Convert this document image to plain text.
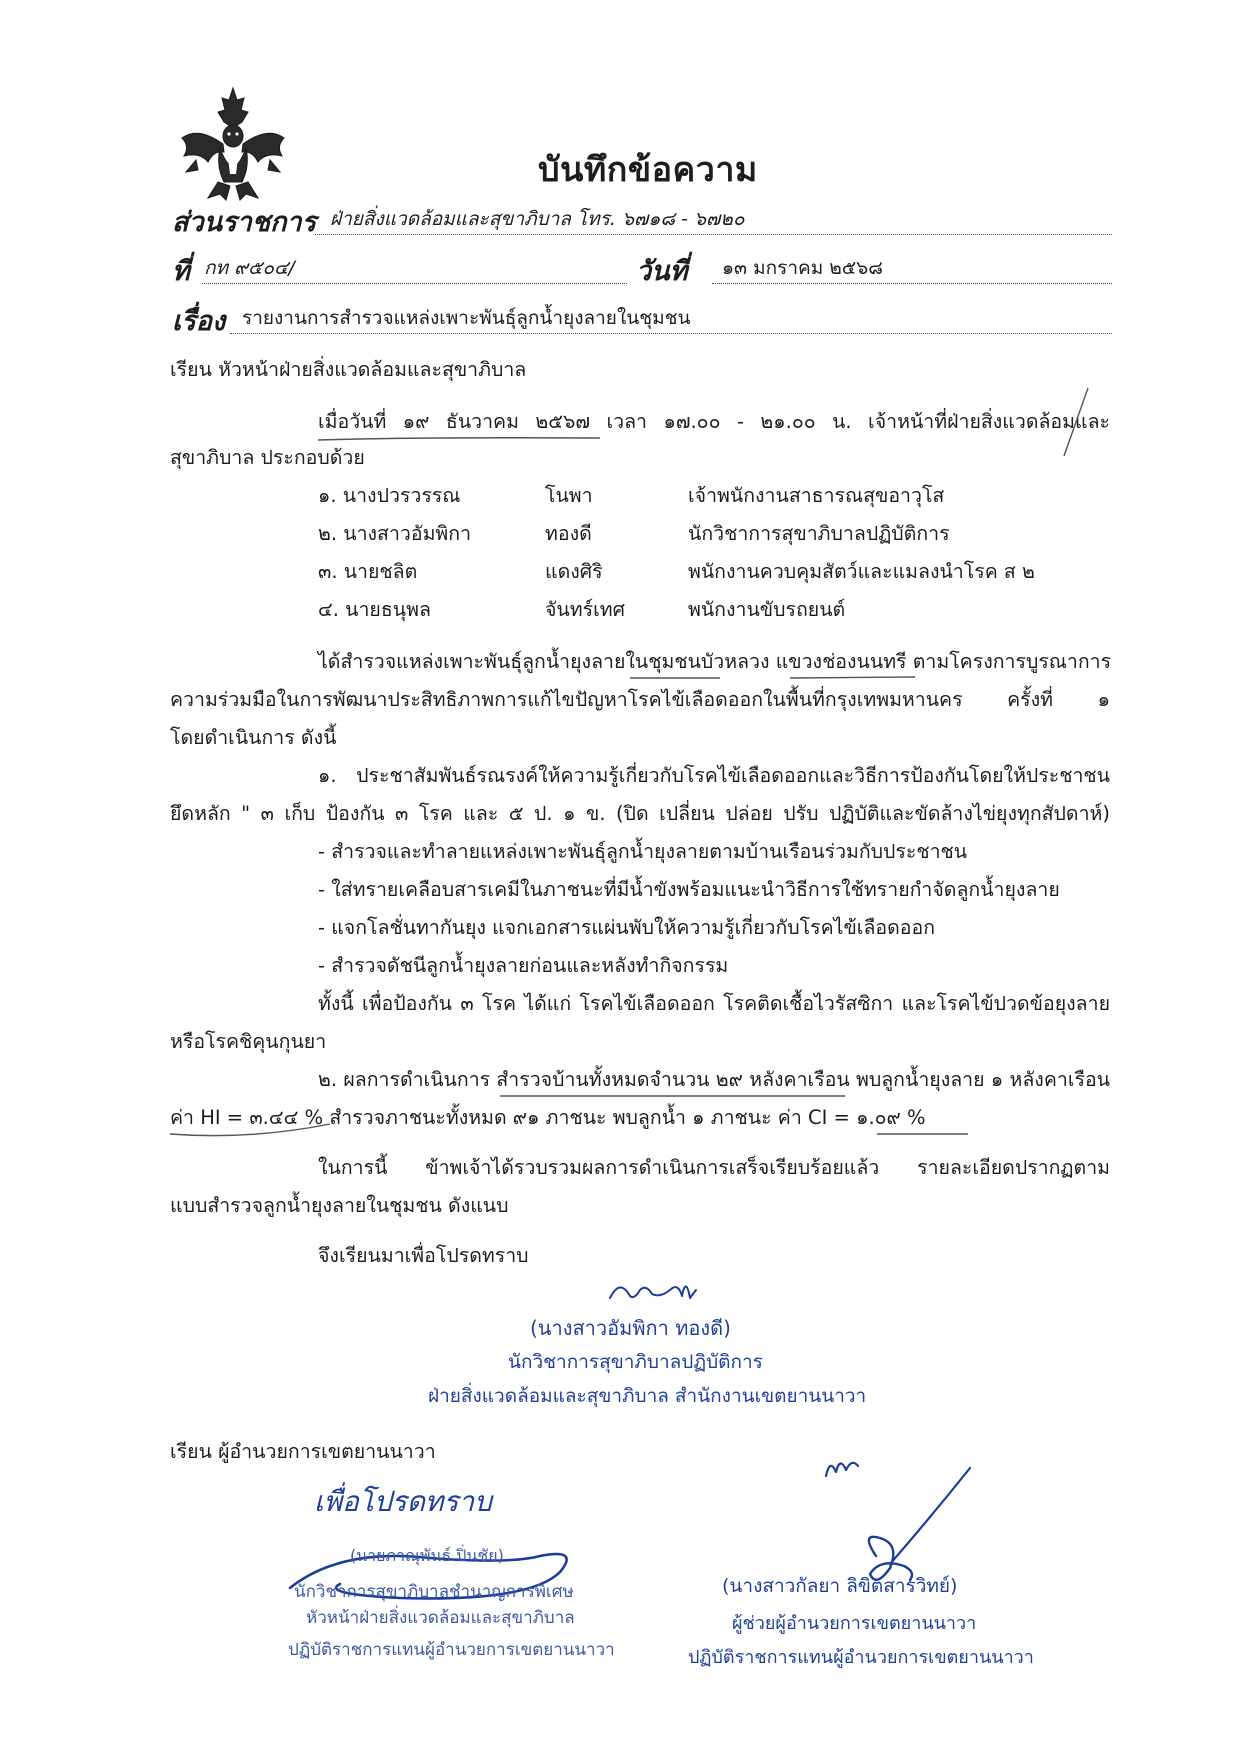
บันทึกข้อความ
ส่วนราชการ ฝ่ายสิ่งแวดล้อมและสุขาภิบาล โทร. ๖๗๑๘ - ๖๗๒๐
ที่ กท ๙๕๐๔/	วันที่ ๑๓ มกราคม ๒๕๖๘
เรื่อง รายงานการสำรวจแหล่งเพาะพันธุ์ลูกน้ำยุงลายในชุมชน
เรียน หัวหน้าฝ่ายสิ่งแวดล้อมและสุขาภิบาล
เมื่อวันที่ ๑๙ ธันวาคม ๒๕๖๗ เวลา ๑๗.๐๐ - ๒๑.๐๐ น. เจ้าหน้าที่ฝ่ายสิ่งแวดล้อมและ
สุขาภิบาล ประกอบด้วย
๑. นางปวรวรรณ	โนพา	เจ้าพนักงานสาธารณสุขอาวุโส
๒. นางสาวอัมพิกา	ทองดี	นักวิชาการสุขาภิบาลปฏิบัติการ
๓. นายชลิต	แดงศิริ	พนักงานควบคุมสัตว์และแมลงนำโรค ส ๒
๔. นายธนุพล	จันทร์เทศ	พนักงานขับรถยนต์
ได้สำรวจแหล่งเพาะพันธุ์ลูกน้ำยุงลายในชุมชนบัวหลวง แขวงช่องนนทรี ตามโครงการบูรณาการ
ความร่วมมือในการพัฒนาประสิทธิภาพการแก้ไขปัญหาโรคไข้เลือดออกในพื้นที่กรุงเทพมหานคร ครั้งที่ ๑
โดยดำเนินการ ดังนี้
๑. ประชาสัมพันธ์รณรงค์ให้ความรู้เกี่ยวกับโรคไข้เลือดออกและวิธีการป้องกันโดยให้ประชาชน
ยึดหลัก " ๓ เก็บ ป้องกัน ๓ โรค และ ๕ ป. ๑ ข. (ปิด เปลี่ยน ปล่อย ปรับ ปฏิบัติและขัดล้างไข่ยุงทุกสัปดาห์)
- สำรวจและทำลายแหล่งเพาะพันธุ์ลูกน้ำยุงลายตามบ้านเรือนร่วมกับประชาชน
- ใส่ทรายเคลือบสารเคมีในภาชนะที่มีน้ำขังพร้อมแนะนำวิธีการใช้ทรายกำจัดลูกน้ำยุงลาย
- แจกโลชั่นทากันยุง แจกเอกสารแผ่นพับให้ความรู้เกี่ยวกับโรคไข้เลือดออก
- สำรวจดัชนีลูกน้ำยุงลายก่อนและหลังทำกิจกรรม
ทั้งนี้ เพื่อป้องกัน ๓ โรค ได้แก่ โรคไข้เลือดออก โรคติดเชื้อไวรัสซิกา และโรคไข้ปวดข้อยุงลาย
หรือโรคชิคุนกุนยา
๒. ผลการดำเนินการ สำรวจบ้านทั้งหมดจำนวน ๒๙ หลังคาเรือน พบลูกน้ำยุงลาย ๑ หลังคาเรือน
ค่า HI = ๓.๔๔ % สำรวจภาชนะทั้งหมด ๙๑ ภาชนะ พบลูกน้ำ ๑ ภาชนะ ค่า CI = ๑.๐๙ %
ในการนี้ ข้าพเจ้าได้รวบรวมผลการดำเนินการเสร็จเรียบร้อยแล้ว รายละเอียดปรากฏตาม
แบบสำรวจลูกน้ำยุงลายในชุมชน ดังแนบ
จึงเรียนมาเพื่อโปรดทราบ
(นางสาวอัมพิกา ทองดี)
นักวิชาการสุขาภิบาลปฏิบัติการ
ฝ่ายสิ่งแวดล้อมและสุขาภิบาล สำนักงานเขตยานนาวา
เรียน ผู้อำนวยการเขตยานนาวา
เพื่อโปรดทราบ
(นายภาณุพันธ์ ปิ่นชัย)
นักวิชาการสุขาภิบาลชำนาญการพิเศษ
หัวหน้าฝ่ายสิ่งแวดล้อมและสุขาภิบาล
ปฏิบัติราชการแทนผู้อำนวยการเขตยานนาวา
(นางสาวกัลยา ลิขิตสารวิทย์)
ผู้ช่วยผู้อำนวยการเขตยานนาวา
ปฏิบัติราชการแทนผู้อำนวยการเขตยานนาวา
